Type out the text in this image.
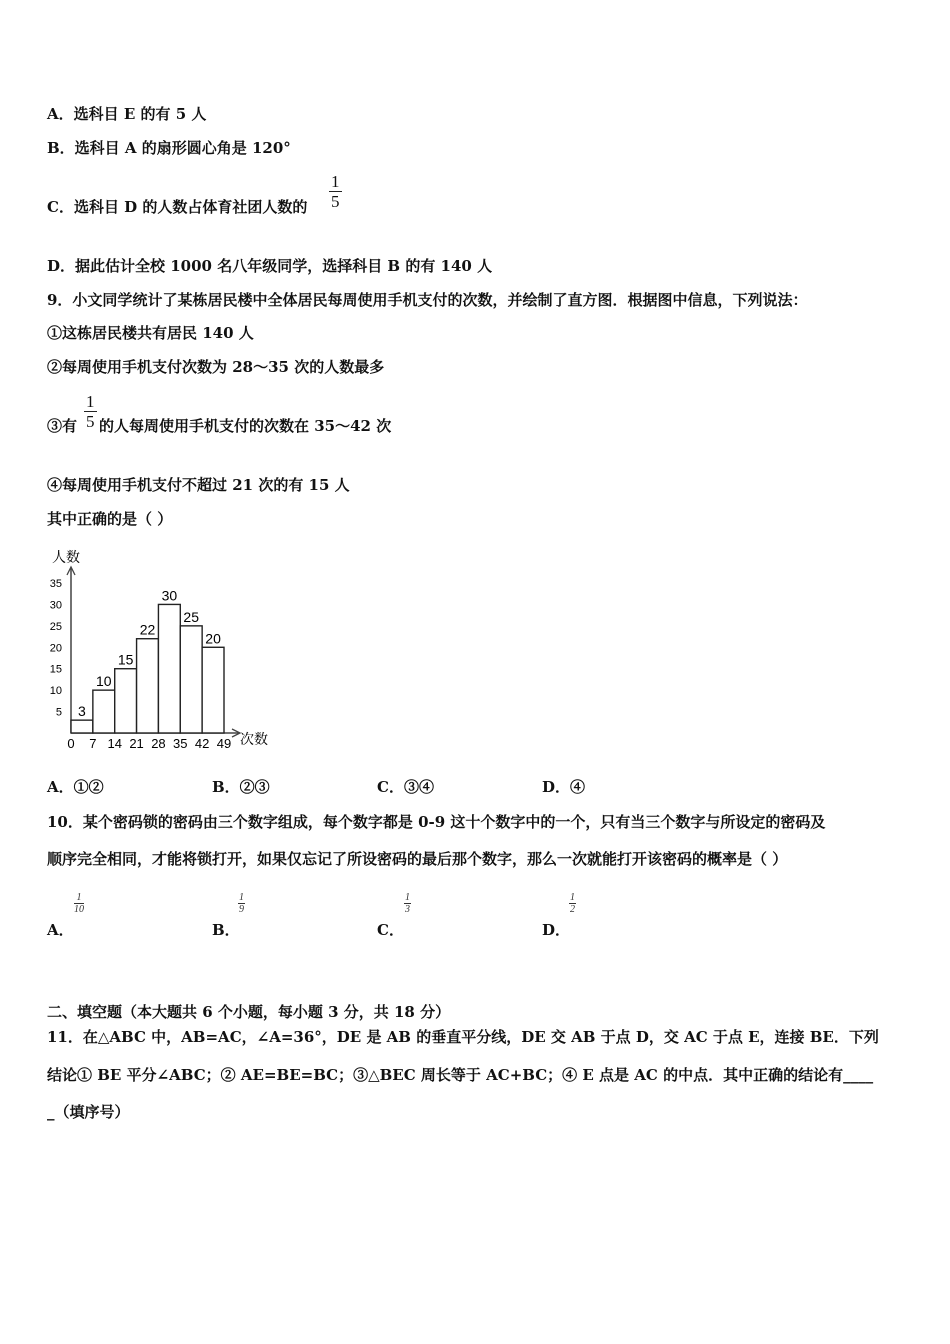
A．选科目 E 的有 5 人
B．选科目 A 的扇形圆心角是 120°
C．选科目 D 的人数占体育社团人数的 $\frac{1}{5}$
D．据此估计全校 1000 名八年级同学，选择科目 B 的有 140 人
9．小文同学统计了某栋居民楼中全体居民每周使用手机支付的次数，并绘制了直方图．根据图中信息，下列说法：
①这栋居民楼共有居民 140 人
②每周使用手机支付次数为 28～35 次的人数最多
③有 的人每周使用手机支付的次数在 35～42 次
$\frac{1}{5}$
④每周使用手机支付不超过 21 次的有 15 人
其中正确的是（ ）
人数
次数
5
10
15
20
25
30
35
0 7 14 21 28 35 42 49
3
10
15
22
30
25
20
A．①②	B．②③	C．③④	D．④
10．某个密码锁的密码由三个数字组成，每个数字都是 0-9 这十个数字中的一个，只有当三个数字与所设定的密码及
顺序完全相同，才能将锁打开，如果仅忘记了所设密码的最后那个数字，那么一次就能打开该密码的概率是（ ）
A．
$\frac{1}{10}$
B．
$\frac{1}{9}$
C．
$\frac{1}{3}$
D．
$\frac{1}{2}$
二、填空题（本大题共 6 个小题，每小题 3 分，共 18 分）
11．在△ABC 中，AB=AC，∠A=36°，DE 是 AB 的垂直平分线，DE 交 AB 于点 D，交 AC 于点 E，连接 BE．下列
结论① BE 平分∠ABC；② AE=BE=BC；③△BEC 周长等于 AC+BC；④ E 点是 AC 的中点．其中正确的结论有____
_（填序号）
